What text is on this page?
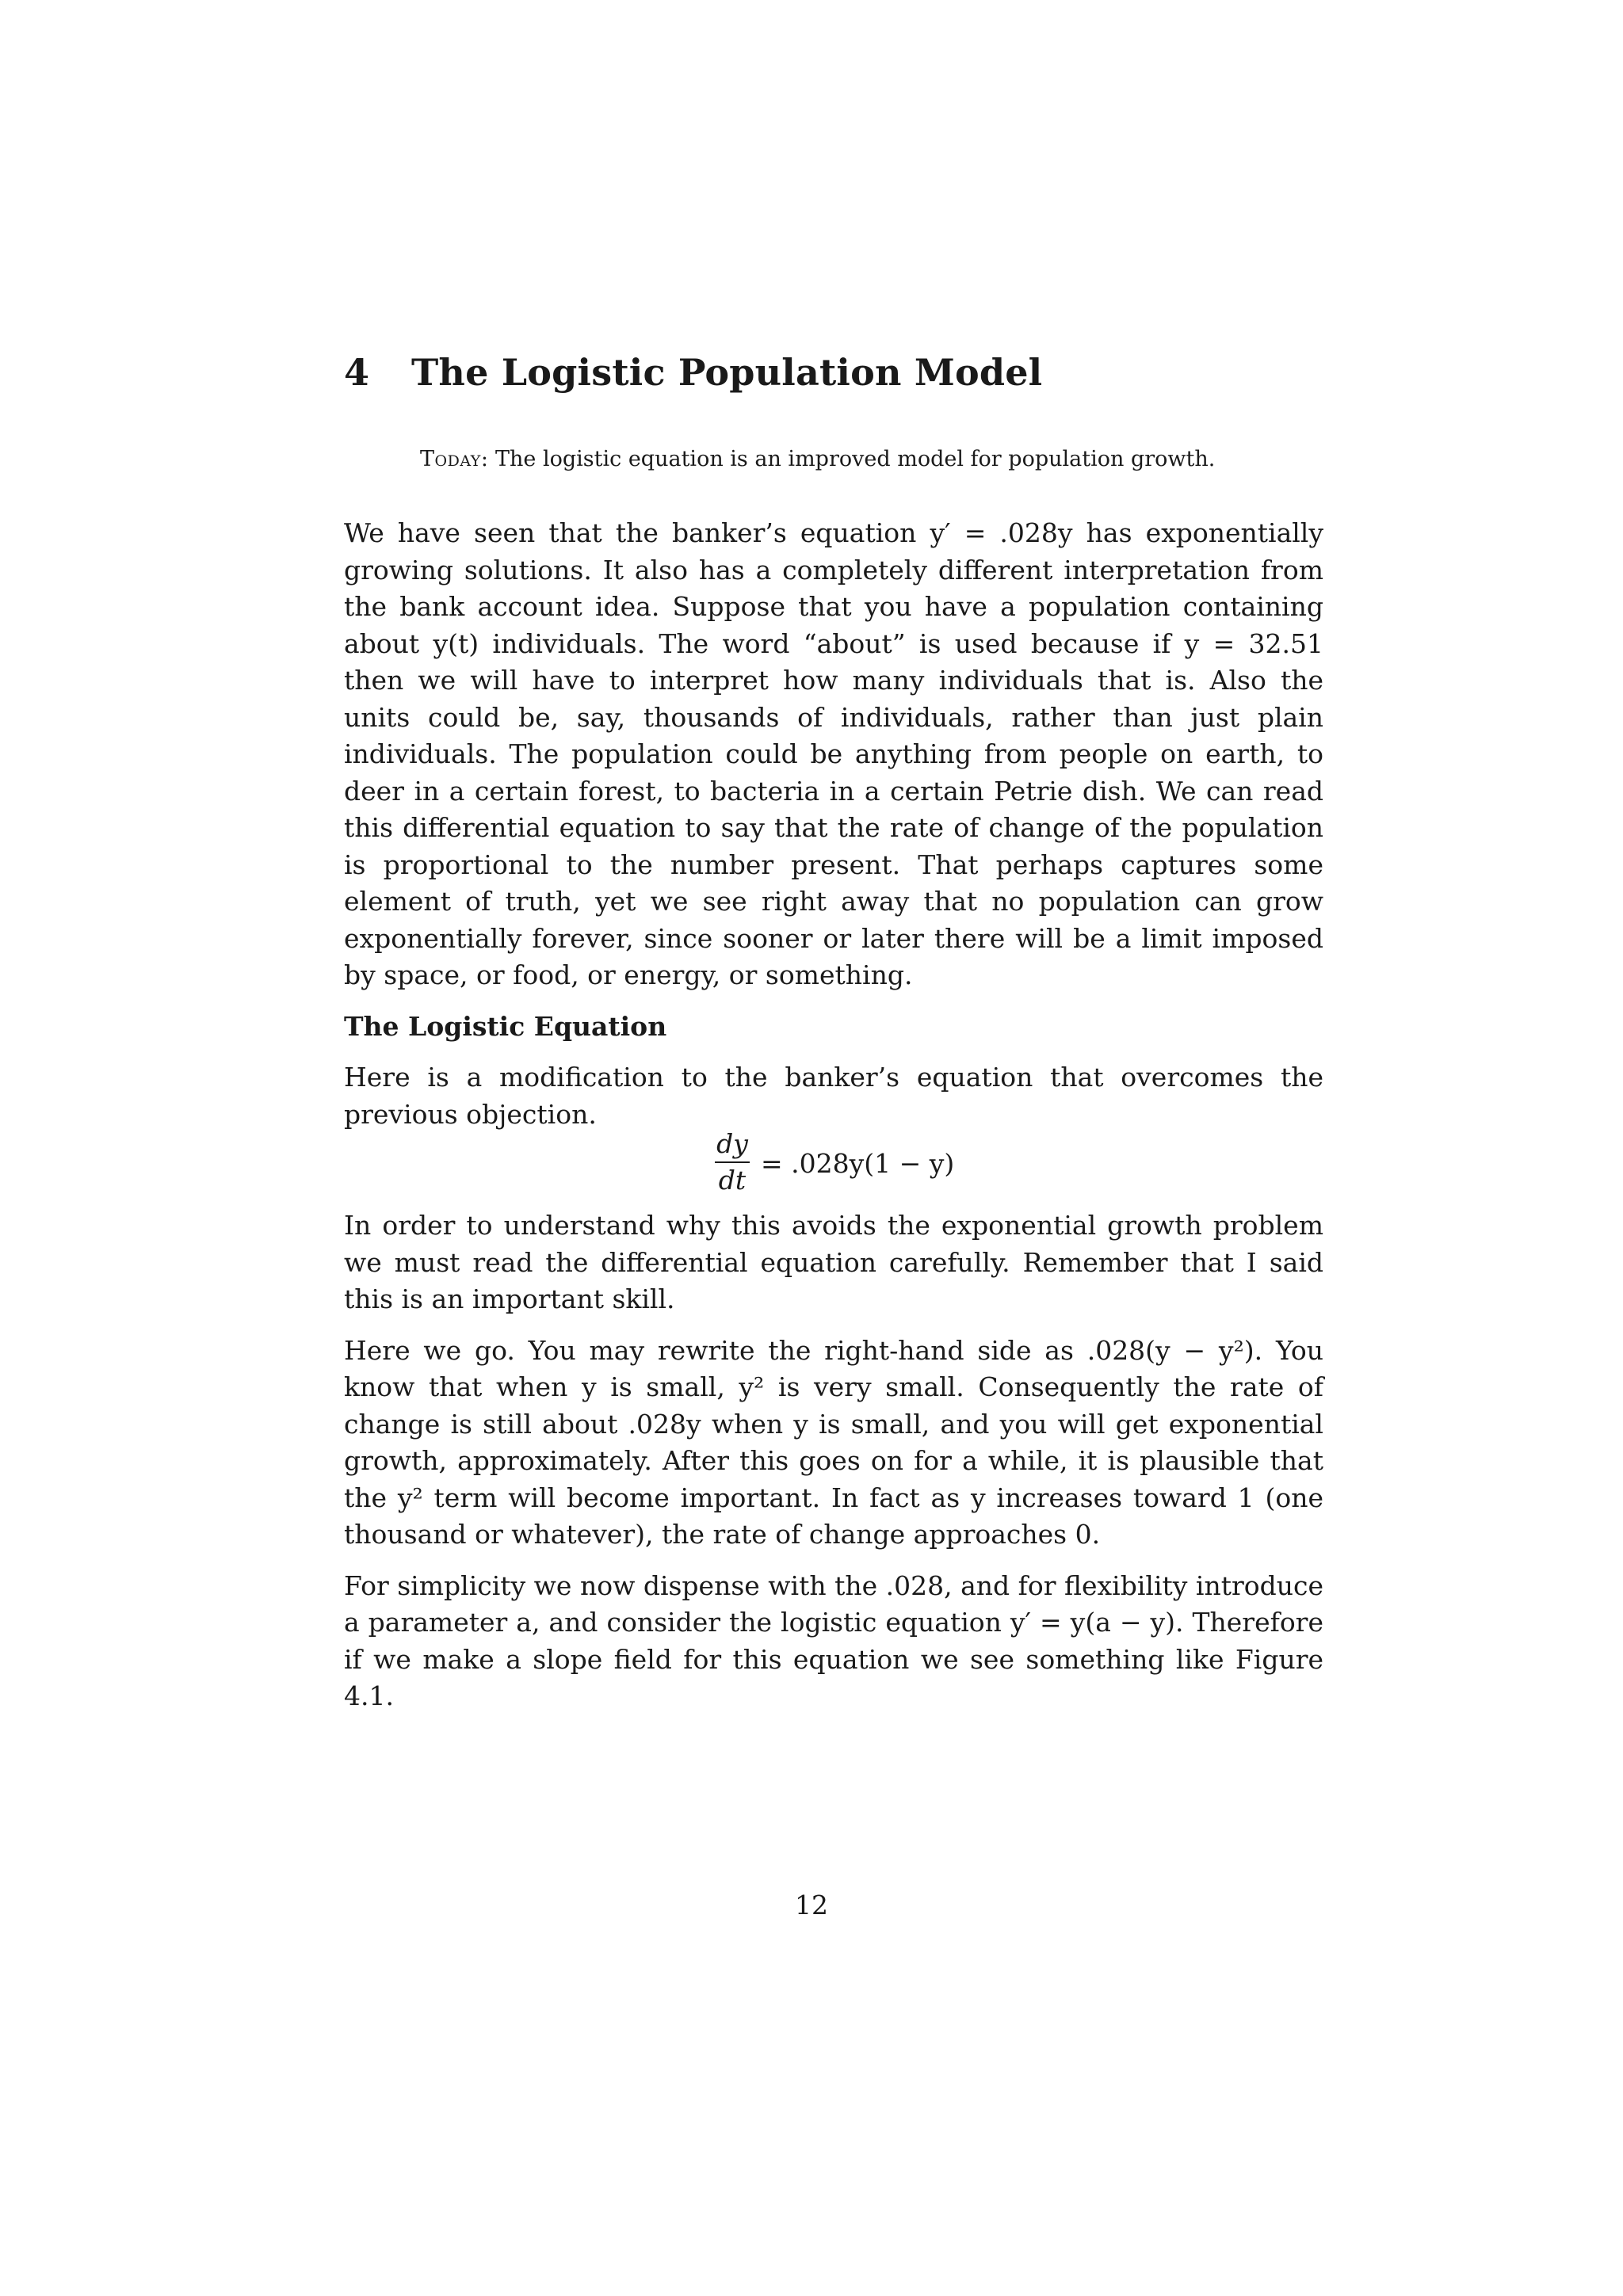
4 The Logistic Population Model
Today: The logistic equation is an improved model for population growth.

We have seen that the banker’s equation y′ = .028y has exponentially growing solutions. It also has a completely different interpretation from the bank account idea. Suppose that you have a population containing about y(t) individuals. The word “about” is used because if y = 32.51 then we will have to interpret how many individuals that is. Also the units could be, say, thousands of individuals, rather than just plain individuals. The population could be anything from people on earth, to deer in a certain forest, to bacteria in a certain Petrie dish. We can read this differential equation to say that the rate of change of the population is proportional to the number present. That perhaps captures some element of truth, yet we see right away that no population can grow exponentially forever, since sooner or later there will be a limit imposed by space, or food, or energy, or something.

The Logistic Equation

Here is a modification to the banker’s equation that overcomes the previous objection.

dy
dt
= .028y(1 − y)

In order to understand why this avoids the exponential growth problem we must read the differential equation carefully. Remember that I said this is an important skill.

Here we go. You may rewrite the right-hand side as .028(y − y²). You know that when y is small, y² is very small. Consequently the rate of change is still about .028y when y is small, and you will get exponential growth, approximately. After this goes on for a while, it is plausible that the y² term will become important. In fact as y increases toward 1 (one thousand or whatever), the rate of change approaches 0.

For simplicity we now dispense with the .028, and for flexibility introduce a parameter a, and consider the logistic equation y′ = y(a − y). Therefore if we make a slope field for this equation we see something like Figure 4.1.

12
